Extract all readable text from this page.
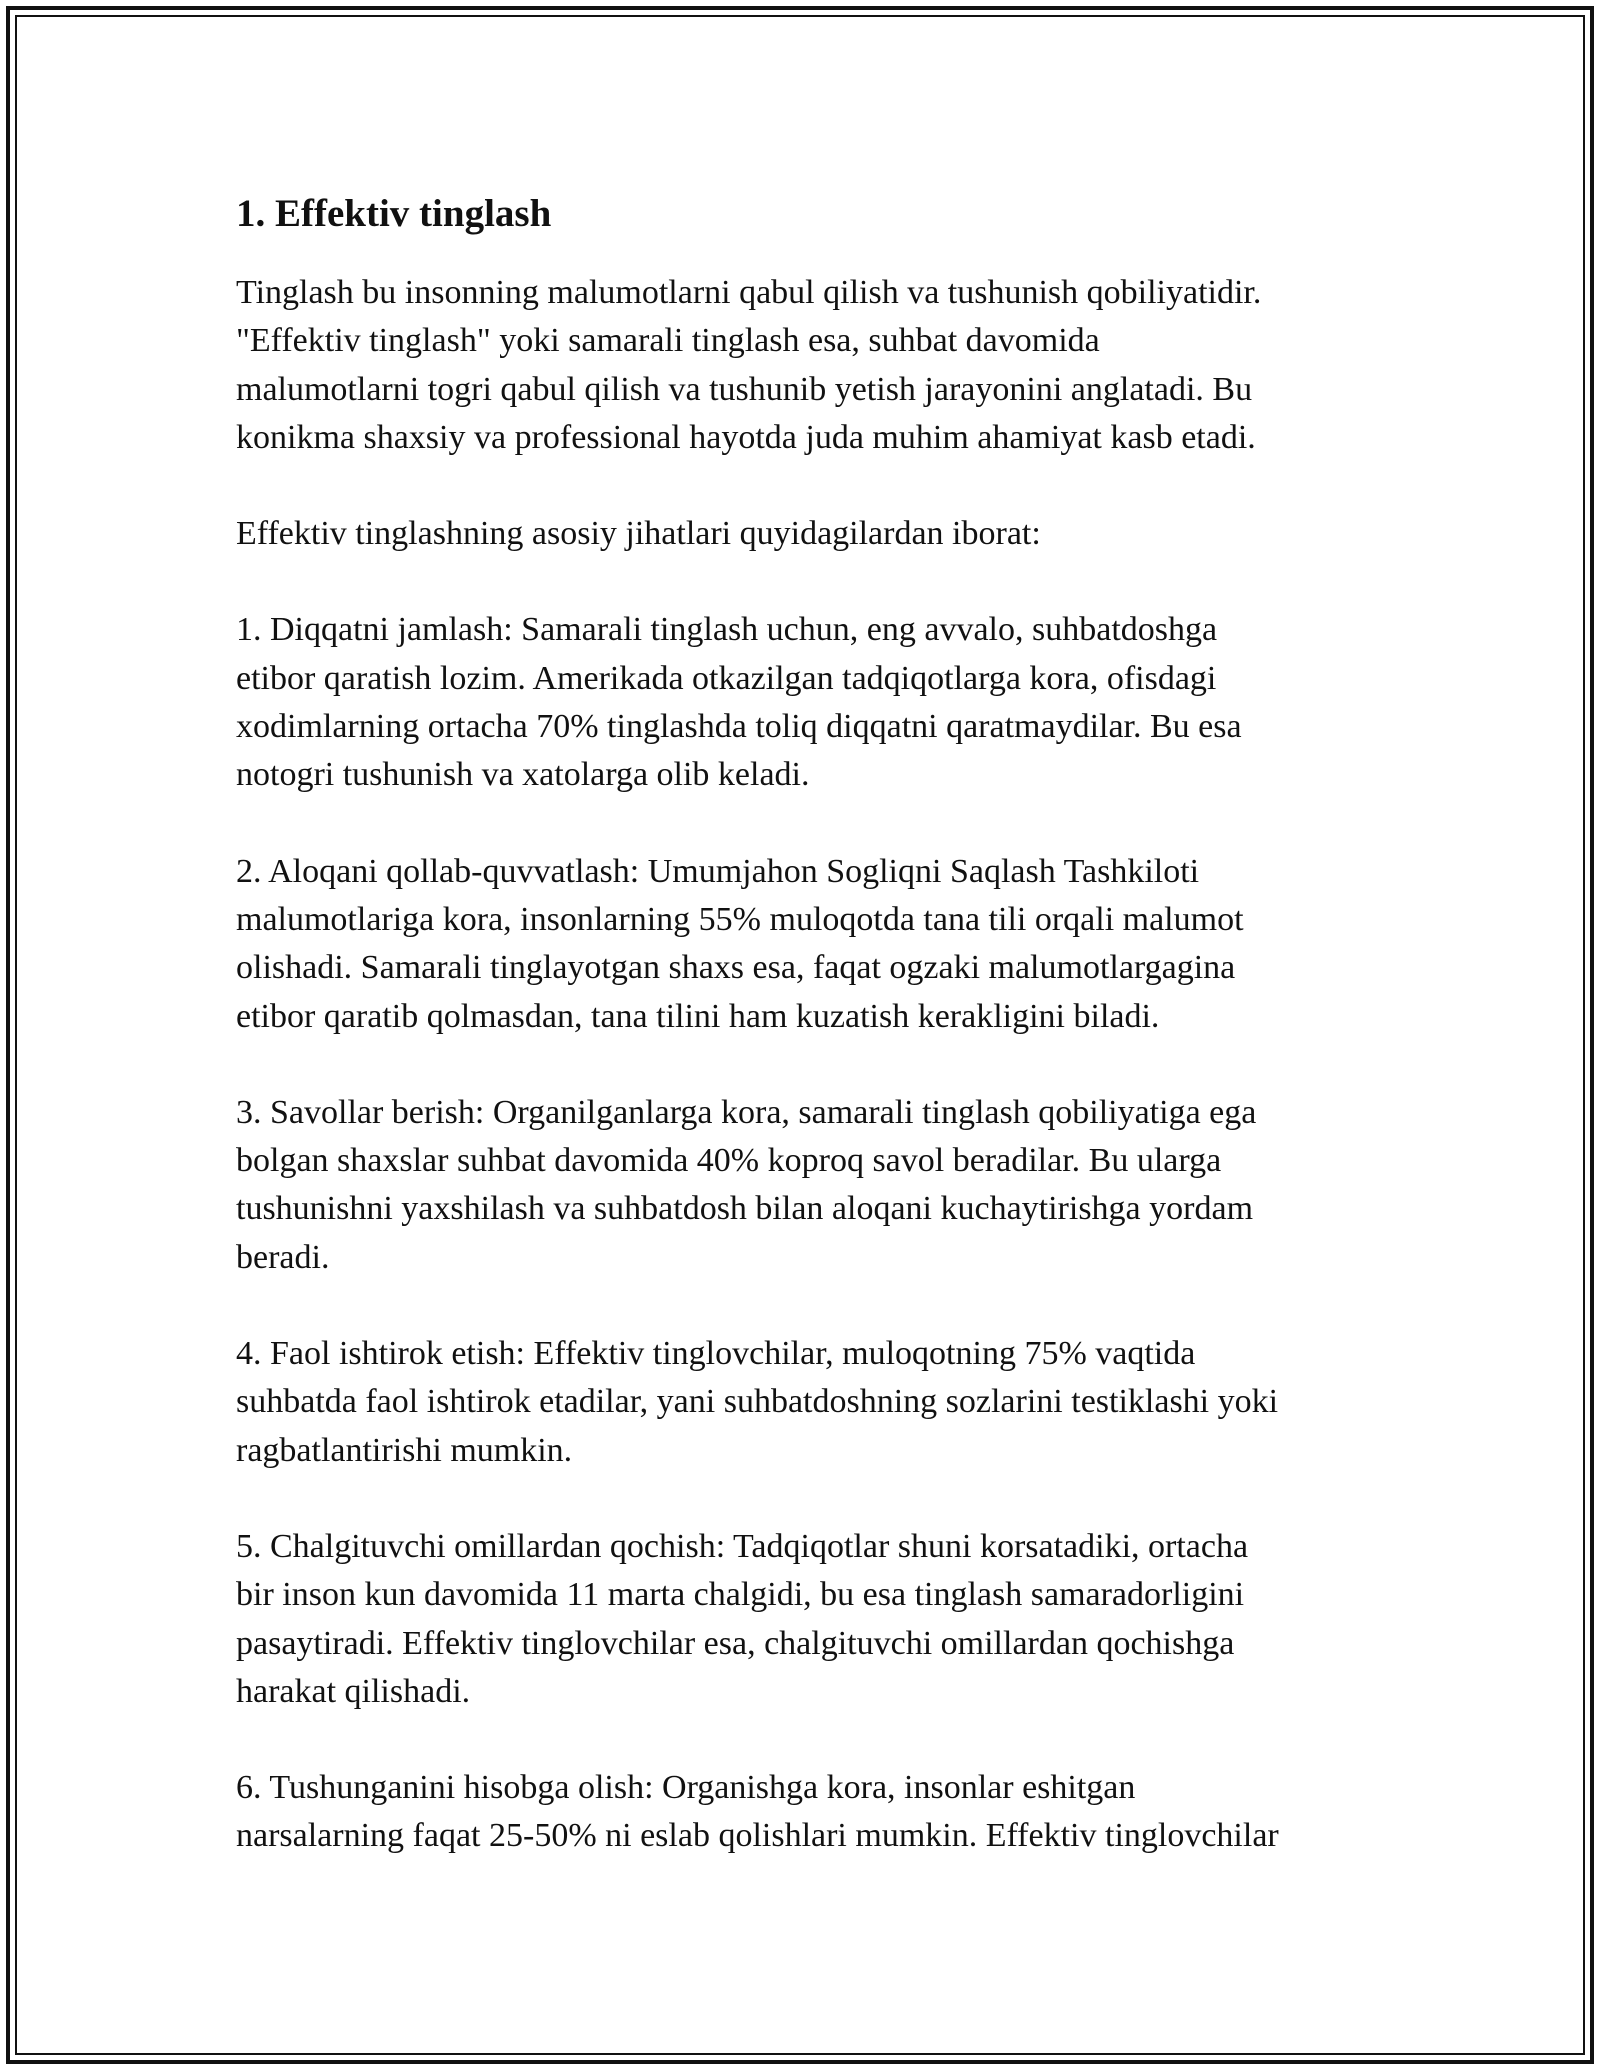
1. Effektiv tinglash
Tinglash bu insonning malumotlarni qabul qilish va tushunish qobiliyatidir.
"Effektiv tinglash" yoki samarali tinglash esa, suhbat davomida
malumotlarni togri qabul qilish va tushunib yetish jarayonini anglatadi. Bu
konikma shaxsiy va professional hayotda juda muhim ahamiyat kasb etadi.
Effektiv tinglashning asosiy jihatlari quyidagilardan iborat:
1. Diqqatni jamlash: Samarali tinglash uchun, eng avvalo, suhbatdoshga
etibor qaratish lozim. Amerikada otkazilgan tadqiqotlarga kora, ofisdagi
xodimlarning ortacha 70% tinglashda toliq diqqatni qaratmaydilar. Bu esa
notogri tushunish va xatolarga olib keladi.
2. Aloqani qollab-quvvatlash: Umumjahon Sogliqni Saqlash Tashkiloti
malumotlariga kora, insonlarning 55% muloqotda tana tili orqali malumot
olishadi. Samarali tinglayotgan shaxs esa, faqat ogzaki malumotlargagina
etibor qaratib qolmasdan, tana tilini ham kuzatish kerakligini biladi.
3. Savollar berish: Organilganlarga kora, samarali tinglash qobiliyatiga ega
bolgan shaxslar suhbat davomida 40% koproq savol beradilar. Bu ularga
tushunishni yaxshilash va suhbatdosh bilan aloqani kuchaytirishga yordam
beradi.
4. Faol ishtirok etish: Effektiv tinglovchilar, muloqotning 75% vaqtida
suhbatda faol ishtirok etadilar, yani suhbatdoshning sozlarini testiklashi yoki
ragbatlantirishi mumkin.
5. Chalgituvchi omillardan qochish: Tadqiqotlar shuni korsatadiki, ortacha
bir inson kun davomida 11 marta chalgidi, bu esa tinglash samaradorligini
pasaytiradi. Effektiv tinglovchilar esa, chalgituvchi omillardan qochishga
harakat qilishadi.
6. Tushunganini hisobga olish: Organishga kora, insonlar eshitgan
narsalarning faqat 25-50% ni eslab qolishlari mumkin. Effektiv tinglovchilar
